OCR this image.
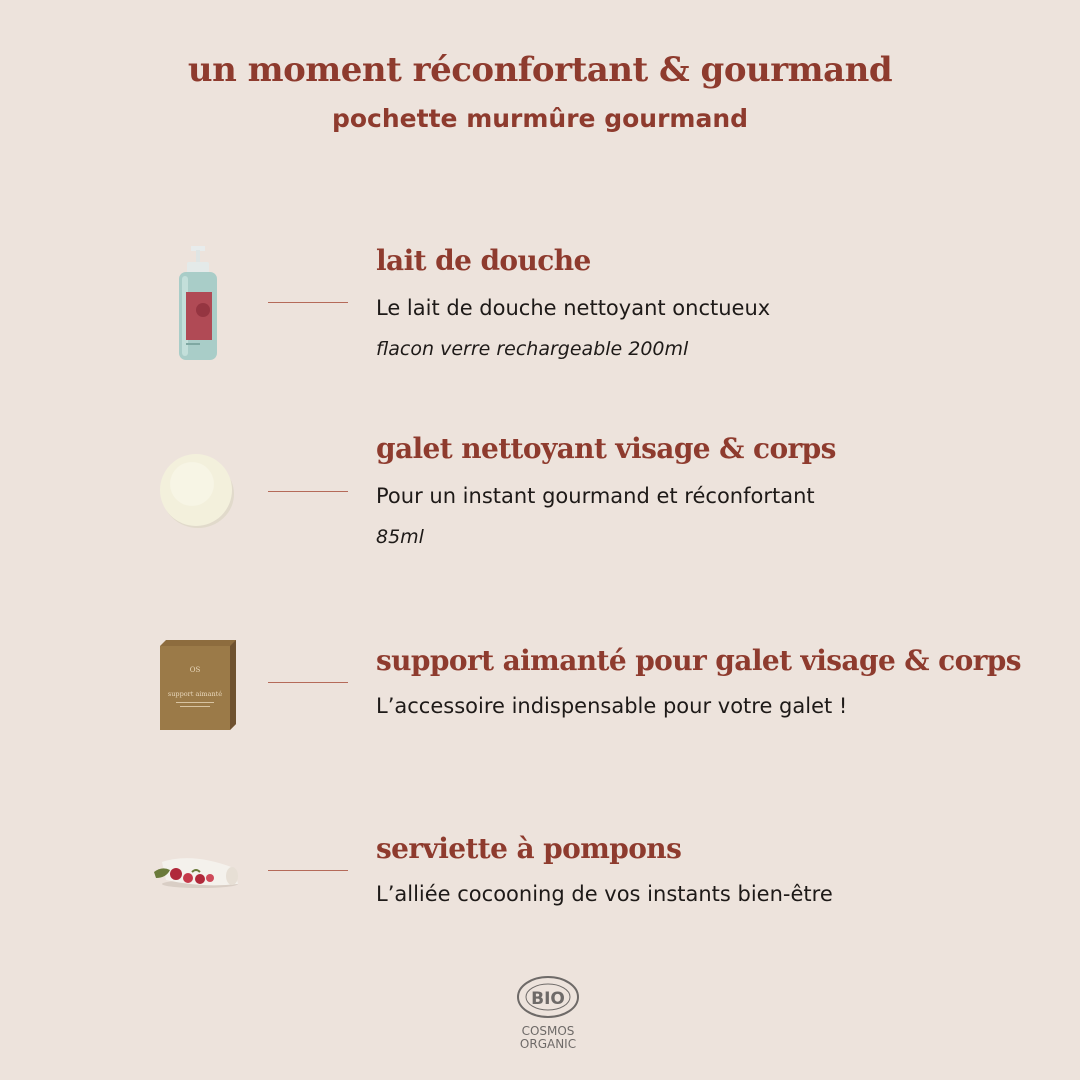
un moment réconfortant & gourmand
pochette murmûre gourmand
lait de douche

Le lait de douche nettoyant onctueux

flacon verre rechargeable 200ml

galet nettoyant visage & corps

Pour un instant gourmand et réconfortant

85ml

OS
support aimanté
support aimanté pour galet visage & corps

L’accessoire indispensable pour votre galet !

serviette à pompons

L’alliée cocooning de vos instants bien-être

BIO
COSMOS
ORGANIC
